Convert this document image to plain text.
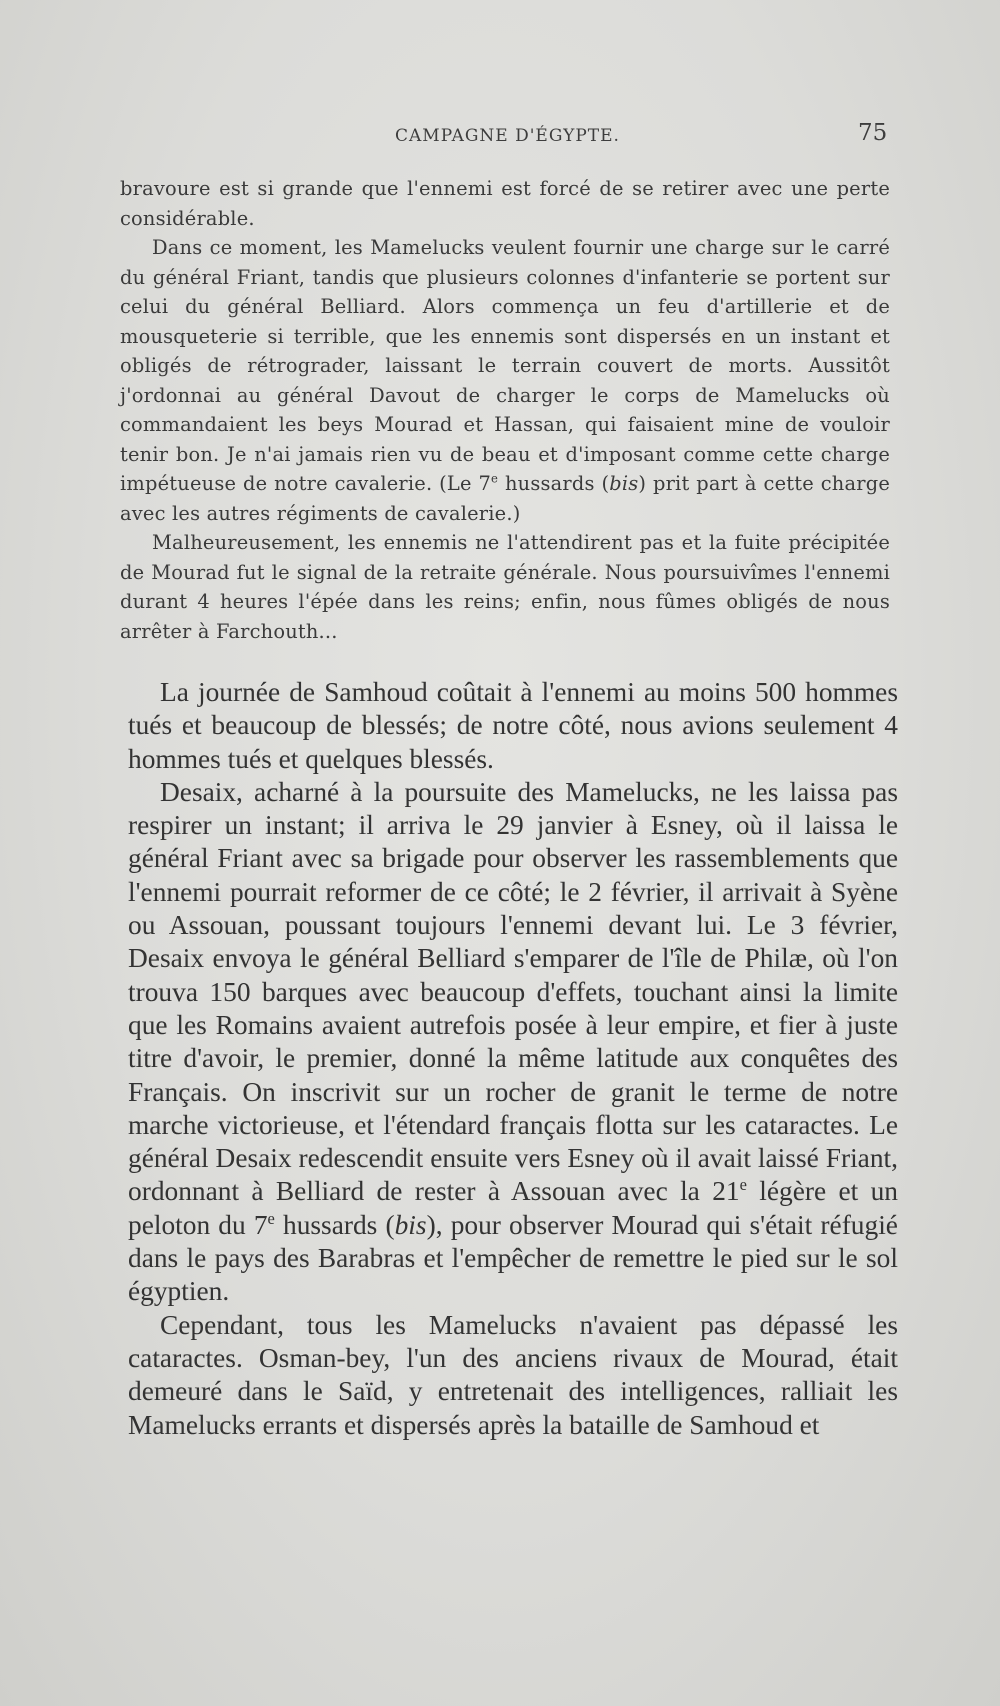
CAMPAGNE D'ÉGYPTE.	75

bravoure est si grande que l'ennemi est forcé de se retirer avec une perte considérable.

Dans ce moment, les Mamelucks veulent fournir une charge sur le carré du général Friant, tandis que plusieurs colonnes d'infanterie se portent sur celui du général Belliard. Alors commença un feu d'artillerie et de mousqueterie si terrible, que les ennemis sont dispersés en un instant et obligés de rétrograder, laissant le terrain couvert de morts. Aussitôt j'ordonnai au général Davout de charger le corps de Mamelucks où commandaient les beys Mourad et Hassan, qui faisaient mine de vouloir tenir bon. Je n'ai jamais rien vu de beau et d'imposant comme cette charge impétueuse de notre cavalerie. (Le 7e hussards (bis) prit part à cette charge avec les autres régiments de cavalerie.)

Malheureusement, les ennemis ne l'attendirent pas et la fuite précipitée de Mourad fut le signal de la retraite générale. Nous poursuivîmes l'ennemi durant 4 heures l'épée dans les reins; enfin, nous fûmes obligés de nous arrêter à Farchouth...

La journée de Samhoud coûtait à l'ennemi au moins 500 hommes tués et beaucoup de blessés; de notre côté, nous avions seulement 4 hommes tués et quelques blessés.

Desaix, acharné à la poursuite des Mamelucks, ne les laissa pas respirer un instant; il arriva le 29 janvier à Esney, où il laissa le général Friant avec sa brigade pour observer les rassemblements que l'ennemi pourrait reformer de ce côté; le 2 février, il arrivait à Syène ou Assouan, poussant toujours l'ennemi devant lui. Le 3 février, Desaix envoya le général Belliard s'emparer de l'île de Philæ, où l'on trouva 150 barques avec beaucoup d'effets, touchant ainsi la limite que les Romains avaient autrefois posée à leur empire, et fier à juste titre d'avoir, le premier, donné la même latitude aux conquêtes des Français. On inscrivit sur un rocher de granit le terme de notre marche victorieuse, et l'étendard français flotta sur les cataractes. Le général Desaix redescendit ensuite vers Esney où il avait laissé Friant, ordonnant à Belliard de rester à Assouan avec la 21e légère et un peloton du 7e hussards (bis), pour observer Mourad qui s'était réfugié dans le pays des Barabras et l'empêcher de remettre le pied sur le sol égyptien.

Cependant, tous les Mamelucks n'avaient pas dépassé les cataractes. Osman-bey, l'un des anciens rivaux de Mourad, était demeuré dans le Saïd, y entretenait des intelligences, ralliait les Mamelucks errants et dispersés après la bataille de Samhoud et
